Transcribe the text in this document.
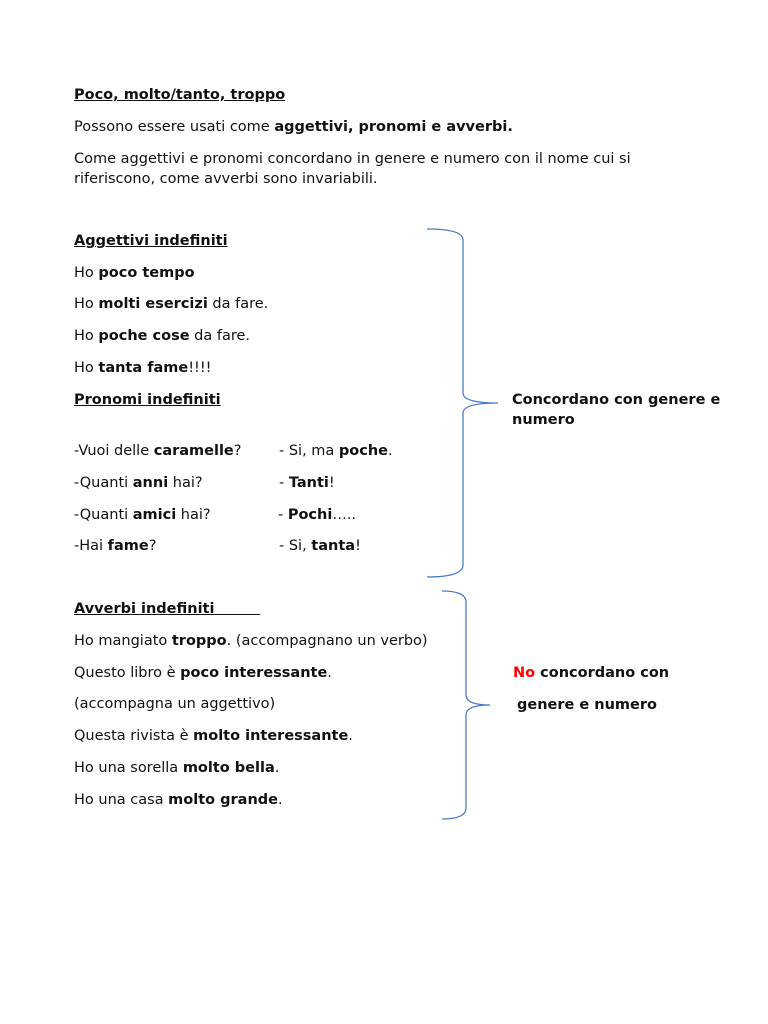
Poco, molto/tanto, troppo
Possono essere usati come aggettivi, pronomi e avverbi.
Come aggettivi e pronomi concordano in genere e numero con il nome cui si
riferiscono, come avverbi sono invariabili.
Aggettivi indefiniti
Ho poco tempo
Ho molti esercizi da fare.
Ho poche cose da fare.
Ho tanta fame!!!!
Pronomi indefiniti
-Vuoi delle caramelle?	- Si, ma poche.
-Quanti anni hai?	- Tanti!
-Quanti amici hai?	- Pochi…..
-Hai fame?	- Si, tanta!
Avverbi indefiniti
Ho mangiato troppo. (accompagnano un verbo)
Questo libro è poco interessante.
(accompagna un aggettivo)
Questa rivista è molto interessante.
Ho una sorella molto bella.
Ho una casa molto grande.
Concordano con genere e
numero
No concordano con
genere e numero
